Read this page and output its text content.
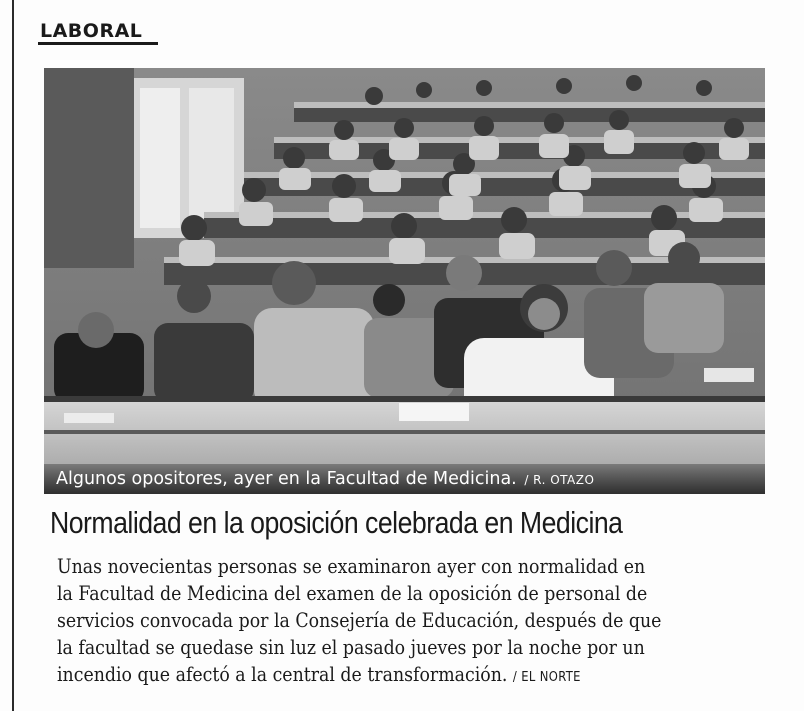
LABORAL
Algunos opositores, ayer en la Facultad de Medicina. / R. OTAZO
Normalidad en la oposición celebrada en Medicina
Unas novecientas personas se examinaron ayer con normalidad en
la Facultad de Medicina del examen de la oposición de personal de
servicios convocada por la Consejería de Educación, después de que
la facultad se quedase sin luz el pasado jueves por la noche por un
incendio que afectó a la central de transformación. / EL NORTE
